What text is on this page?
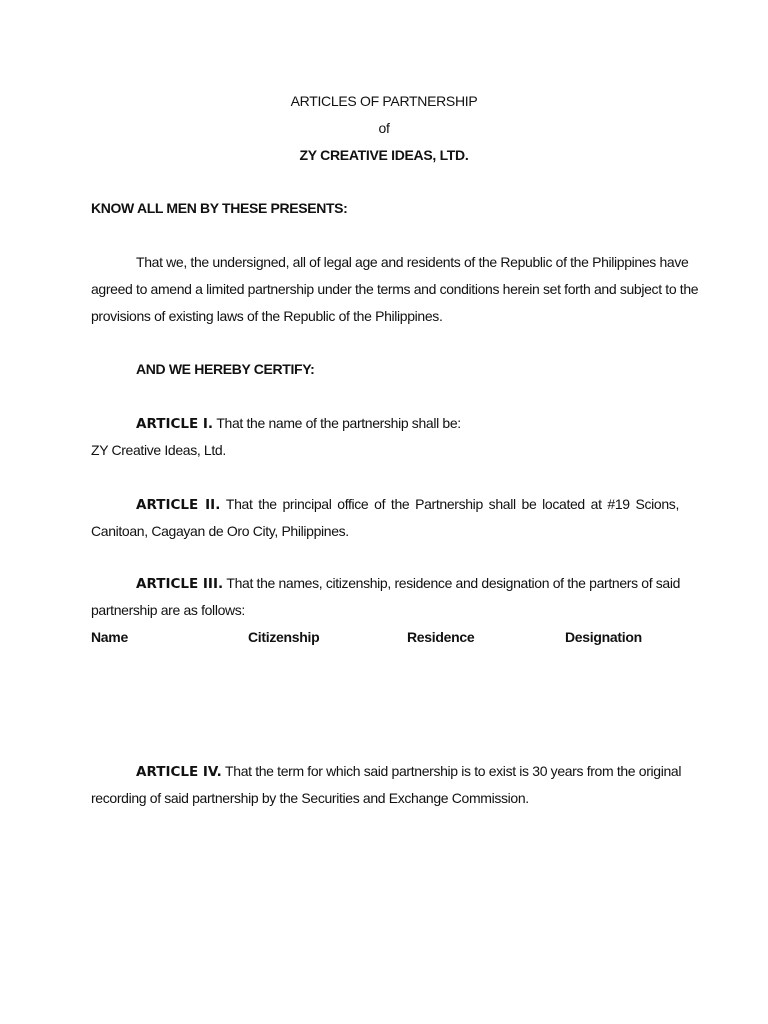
ARTICLES OF PARTNERSHIP
of
ZY CREATIVE IDEAS, LTD.
KNOW ALL MEN BY THESE PRESENTS:
That we, the undersigned, all of legal age and residents of the Republic of the Philippines have
agreed to amend a limited partnership under the terms and conditions herein set forth and subject to the
provisions of existing laws of the Republic of the Philippines.
AND WE HEREBY CERTIFY:
ARTICLE I. That the name of the partnership shall be:
ZY Creative Ideas, Ltd.
ARTICLE II. That the principal office of the Partnership shall be located at #19 Scions,
Canitoan, Cagayan de Oro City, Philippines.
ARTICLE III. That the names, citizenship, residence and designation of the partners of said
partnership are as follows:
Name	Citizenship	Residence	Designation
ARTICLE IV. That the term for which said partnership is to exist is 30 years from the original
recording of said partnership by the Securities and Exchange Commission.
